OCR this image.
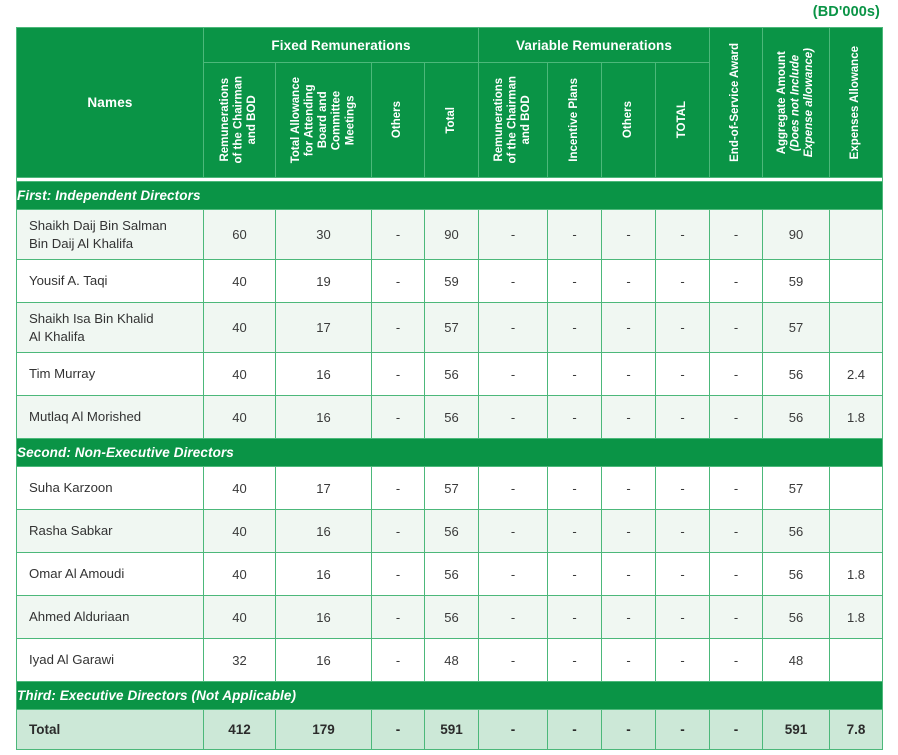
(BD'000s)
Names	Fixed Remunerations				Variable Remunerations				End-of-Service Award	Aggregate Amount (Does not Include Expense allowance)	Expenses Allowance

	Remunerations of the Chairman and BOD	Total Allowance for Attending Board and Committee Meetings	Others	Total	Remunerations of the Chairman and BOD	Incentive Plans	Others	TOTAL			

First: Independent Directors											
Shaikh Daij Bin Salman
Bin Daij Al Khalifa	60	30	-	90	-	-	-	-	-	90	
Yousif A. Taqi	40	19	-	59	-	-	-	-	-	59	
Shaikh Isa Bin Khalid
Al Khalifa	40	17	-	57	-	-	-	-	-	57	
Tim Murray	40	16	-	56	-	-	-	-	-	56	2.4
Mutlaq Al Morished	40	16	-	56	-	-	-	-	-	56	1.8
Second: Non-Executive Directors											
Suha Karzoon	40	17	-	57	-	-	-	-	-	57	
Rasha Sabkar	40	16	-	56	-	-	-	-	-	56	
Omar Al Amoudi	40	16	-	56	-	-	-	-	-	56	1.8
Ahmed Alduriaan	40	16	-	56	-	-	-	-	-	56	1.8
Iyad Al Garawi	32	16	-	48	-	-	-	-	-	48	
Third: Executive Directors (Not Applicable)											
Total	412	179	-	591	-	-	-	-	-	591	7.8
